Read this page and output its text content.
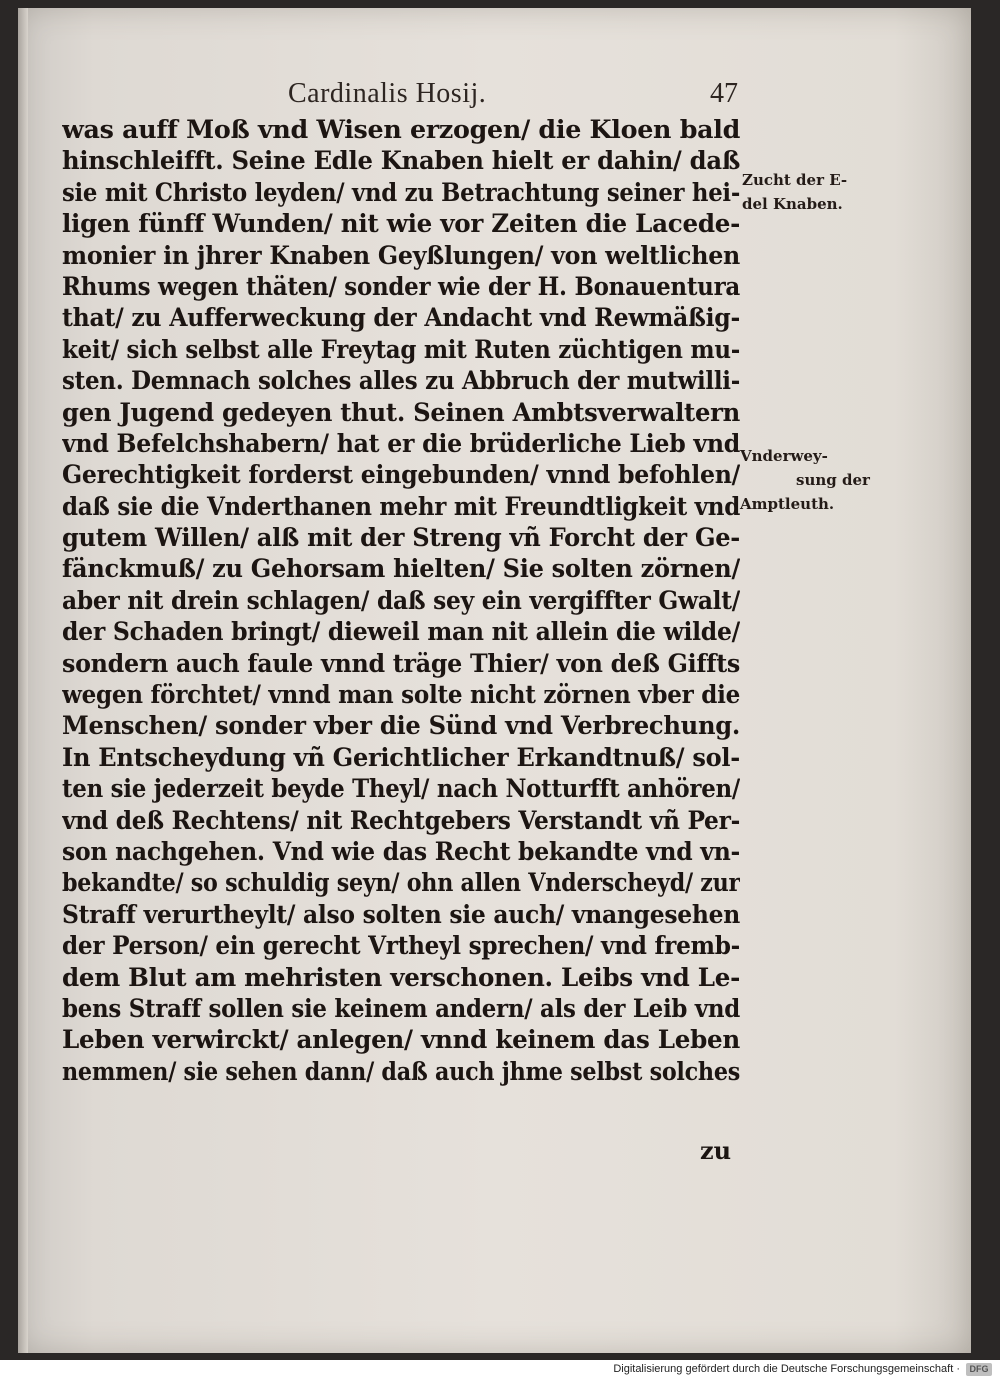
Cardinalis Hosij.	47
was auff Moß vnd Wisen erzogen/ die Kloen bald
hinschleifft. Seine Edle Knaben hielt er dahin/ daß
sie mit Christo leyden/ vnd zu Betrachtung seiner hei-
ligen fünff Wunden/ nit wie vor Zeiten die Lacede-
monier in jhrer Knaben Geyßlungen/ von weltlichen
Rhums wegen thäten/ sonder wie der H. Bonauentura
that/ zu Aufferweckung der Andacht vnd Rewmäßig-
keit/ sich selbst alle Freytag mit Ruten züchtigen mu-
sten. Demnach solches alles zu Abbruch der mutwilli-
gen Jugend gedeyen thut. Seinen Ambtsverwaltern
vnd Befelchshabern/ hat er die brüderliche Lieb vnd
Gerechtigkeit forderst eingebunden/ vnnd befohlen/
daß sie die Vnderthanen mehr mit Freundtligkeit vnd
gutem Willen/ alß mit der Streng vñ Forcht der Ge-
fänckmuß/ zu Gehorsam hielten/ Sie solten zörnen/
aber nit drein schlagen/ daß sey ein vergiffter Gwalt/
der Schaden bringt/ dieweil man nit allein die wilde/
sondern auch faule vnnd träge Thier/ von deß Giffts
wegen förchtet/ vnnd man solte nicht zörnen vber die
Menschen/ sonder vber die Sünd vnd Verbrechung.
In Entscheydung vñ Gerichtlicher Erkandtnuß/ sol-
ten sie jederzeit beyde Theyl/ nach Notturfft anhören/
vnd deß Rechtens/ nit Rechtgebers Verstandt vñ Per-
son nachgehen. Vnd wie das Recht bekandte vnd vn-
bekandte/ so schuldig seyn/ ohn allen Vnderscheyd/ zur
Straff verurtheylt/ also solten sie auch/ vnangesehen
der Person/ ein gerecht Vrtheyl sprechen/ vnd fremb-
dem Blut am mehristen verschonen. Leibs vnd Le-
bens Straff sollen sie keinem andern/ als der Leib vnd
Leben verwirckt/ anlegen/ vnnd keinem das Leben
nemmen/ sie sehen dann/ daß auch jhme selbst solches
zu
Zucht der E-
del Knaben.
Vnderwey-
sung der
Amptleuth.
Digitalisierung gefördert durch die Deutsche Forschungsgemeinschaft ·	DFG
